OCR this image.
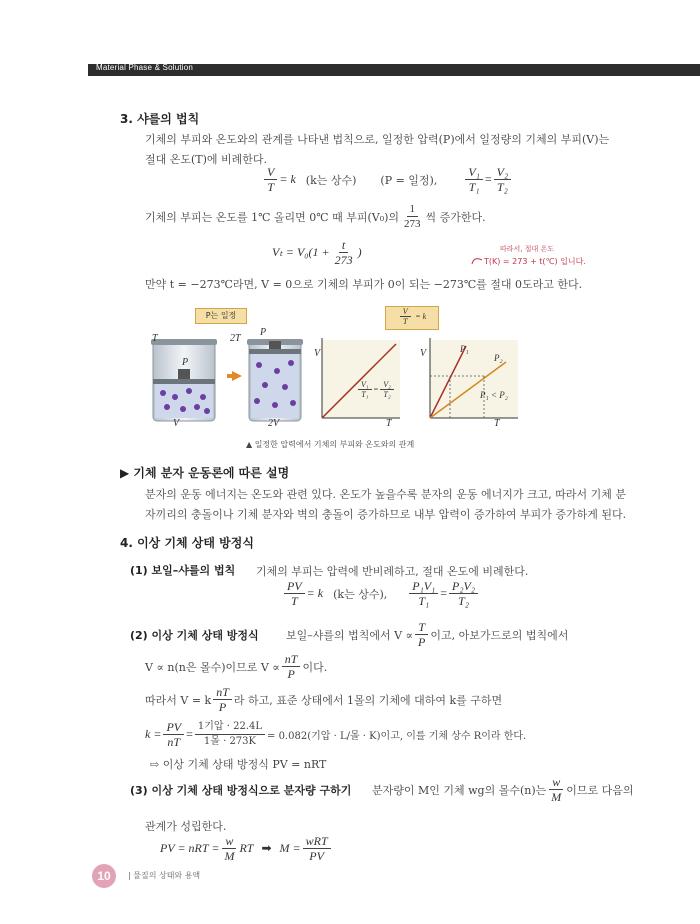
Material Phase & Solution
3. 샤를의 법칙
기체의 부피와 온도와의 관계를 나타낸 법칙으로, 일정한 압력(P)에서 일정량의 기체의 부피(V)는
절대 온도(T)에 비례한다.
$\frac{V}{T} = k$ (k는 상수) (P = 일정), $\frac{\text{V₁}}{\text{T₁}} = \frac{\text{V₂}}{\text{T₂}}$
기체의 부피는 온도를 1℃ 올리면 0℃ 때 부피(V₀)의 $\frac{1}{273}$ 씩 증가한다.
$V_t = V_0(1 + \frac{t}{273}$ )	따라서, 절대 온도
T(K) = 273 + t(℃) 입니다.
만약 t = −273℃라면, V = 0으로 기체의 부피가 0이 되는 −273℃를 절대 0도라고 한다.
P는 일정	$\frac{V}{T} = k$
T
P
V
2T
P
2V
V
T
$\frac{\text{V₁}}{\text{T₁}} = \frac{\text{V₂}}{\text{T₂}}$
V
T
P₁
P₂
P₁ < P₂
▲ 일정한 압력에서 기체의 부피와 온도와의 관계
▶ 기체 분자 운동론에 따른 설명
분자의 운동 에너지는 온도와 관련 있다. 온도가 높을수록 분자의 운동 에너지가 크고, 따라서 기체 분
자끼리의 충돌이나 기체 분자와 벽의 충돌이 증가하므로 내부 압력이 증가하여 부피가 증가하게 된다.
4. 이상 기체 상태 방정식
(1) 보일–샤를의 법칙 기체의 부피는 압력에 반비례하고, 절대 온도에 비례한다.
$\frac{PV}{T} = k$ (k는 상수), $\frac{\text{P₁V₁}}{\text{T₁}} = \frac{\text{P₂V₂}}{\text{T₂}}$
(2) 이상 기체 상태 방정식 보일–샤를의 법칙에서 $V \propto \frac{T}{P}$ 이고, 아보가드로의 법칙에서
V ∝ n(n은 몰수)이므로 $V \propto \frac{nT}{P}$ 이다.
따라서 V = k $\frac{nT}{P}$ 라 하고, 표준 상태에서 1몰의 기체에 대하여 k를 구하면
$k = \frac{PV}{nT} = \frac{\text{1기압 · 22.4L}}{\text{1몰 · 273K}} = 0.082$(기압 · L/몰 · K)이고, 이를 기체 상수 R이라 한다.
⇨ 이상 기체 상태 방정식 PV = nRT
(3) 이상 기체 상태 방정식으로 분자량 구하기 분자량이 M인 기체 wg의 몰수(n)는 $\frac{w}{M}$ 이므로 다음의
관계가 성립한다.
PV = nRT = $\frac{w}{M}$ RT ➡ $M = \frac{\text{wRT}}{PV}$
10	| 물질의 상태와 용액
